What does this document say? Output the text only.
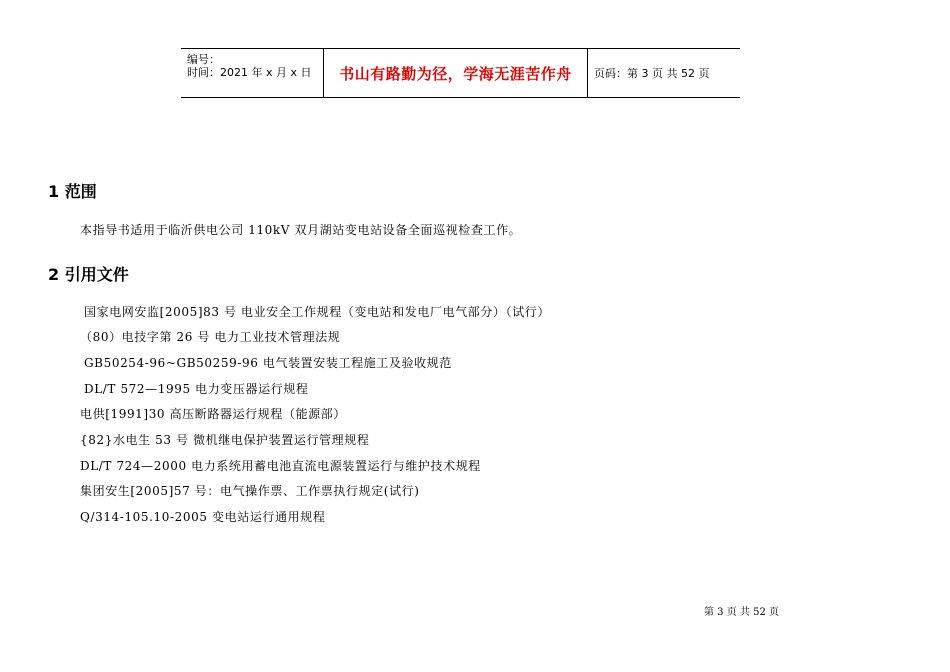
编号：
时间：2021 年 x 月 x 日 书山有路勤为径，学海无涯苦作舟	页码：第 3 页 共 52 页
1 范围
本指导书适用于临沂供电公司 110kV 双月湖站变电站设备全面巡视检查工作。
2 引用文件
国家电网安监[2005]83 号 电业安全工作规程（变电站和发电厂电气部分）（试行）
（80）电技字第 26 号 电力工业技术管理法规
GB50254-96~GB50259-96 电气装置安装工程施工及验收规范
DL/T 572—1995 电力变压器运行规程
电供[1991]30 高压断路器运行规程（能源部）
{82}水电生 53 号 微机继电保护装置运行管理规程
DL/T 724—2000 电力系统用蓄电池直流电源装置运行与维护技术规程
集团安生[2005]57 号：电气操作票、工作票执行规定(试行)
Q/314-105.10-2005 变电站运行通用规程
第 3 页 共 52 页
